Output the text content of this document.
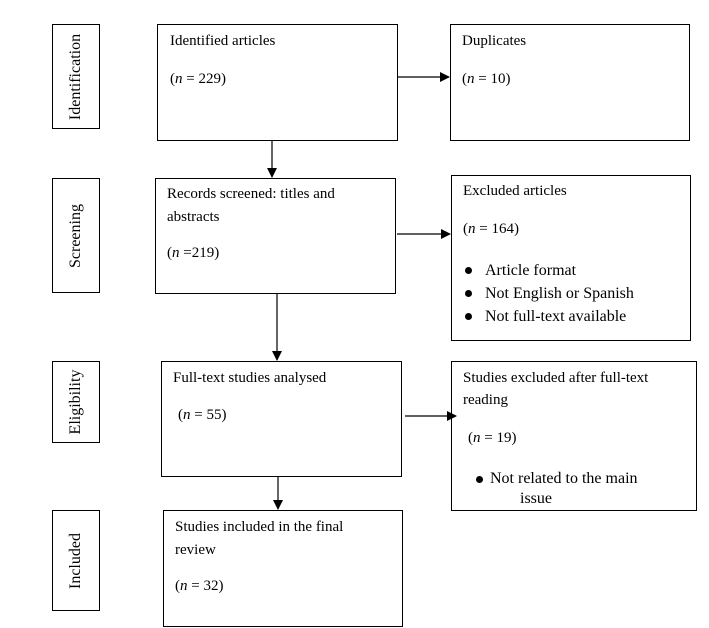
Identification
Screening
Eligibility
Included
Identified articles
(n = 229)
Duplicates
(n = 10)
Records screened: titles and
abstracts
(n =219)
Excluded articles
(n = 164)
Article format
Not English or Spanish
Not full-text available
Full-text studies analysed
(n = 55)
Studies excluded after full-text
reading
(n = 19)
Not related to the main
issue
Studies included in the final
review
(n = 32)
